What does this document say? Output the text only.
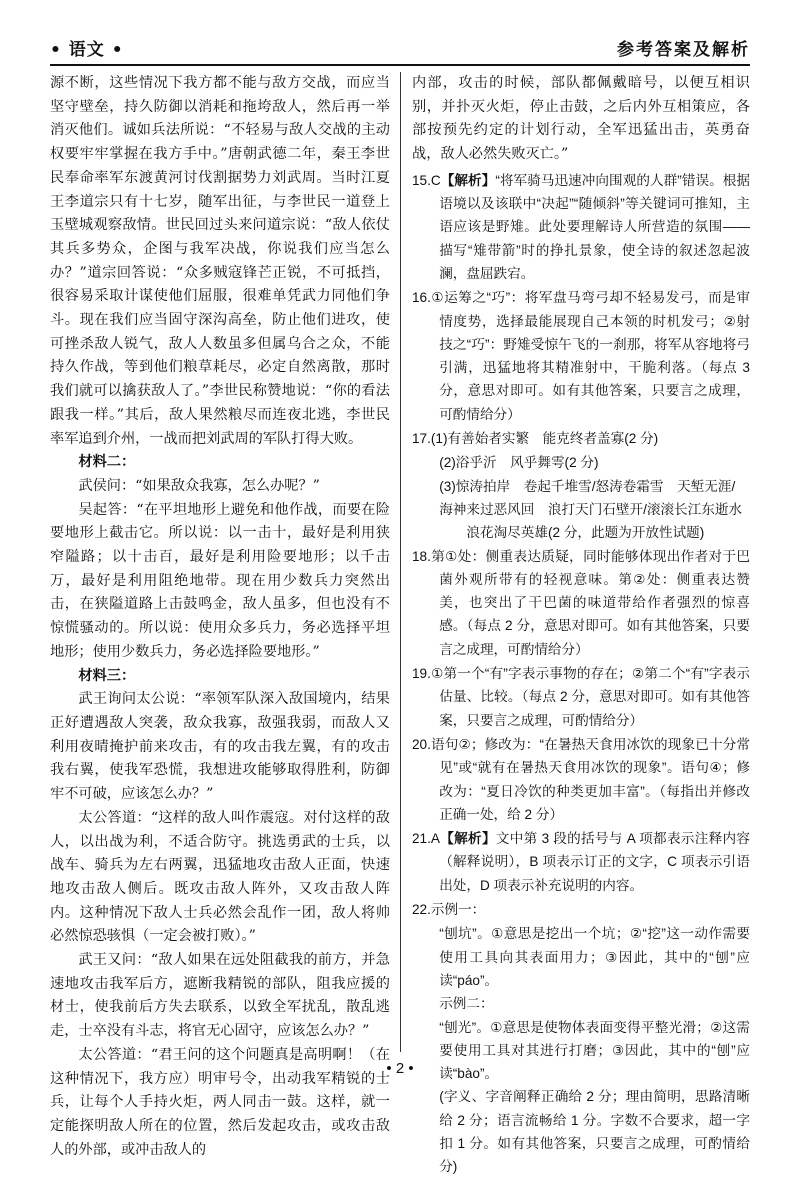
• 语文 •	参考答案及解析

源不断，这些情况下我方都不能与敌方交战，而应当坚守壁垒，持久防御以消耗和拖垮敌人，然后再一举消灭他们。诚如兵法所说：“不轻易与敌人交战的主动权要牢牢掌握在我方手中。”唐朝武德二年，秦王李世民奉命率军东渡黄河讨伐割据势力刘武周。当时江夏王李道宗只有十七岁，随军出征，与李世民一道登上玉壁城观察敌情。世民回过头来问道宗说：“敌人依仗其兵多势众，企图与我军决战，你说我们应当怎么办？”道宗回答说：“众多贼寇锋芒正锐，不可抵挡，很容易采取计谋使他们屈服，很难单凭武力同他们争斗。现在我们应当固守深沟高垒，防止他们进攻，使可挫杀敌人锐气，敌人人数虽多但属乌合之众，不能持久作战，等到他们粮草耗尽，必定自然离散，那时我们就可以擒获敌人了。”李世民称赞地说：“你的看法跟我一样。”其后，敌人果然粮尽而连夜北逃，李世民率军追到介州，一战而把刘武周的军队打得大败。

材料二：

武侯问：“如果敌众我寡，怎么办呢？”

吴起答：“在平坦地形上避免和他作战，而要在险要地形上截击它。所以说：以一击十，最好是利用狭窄隘路；以十击百，最好是利用险要地形；以千击万，最好是利用阻绝地带。现在用少数兵力突然出击，在狭隘道路上击鼓鸣金，敌人虽多，但也没有不惊慌骚动的。所以说：使用众多兵力，务必选择平坦地形；使用少数兵力，务必选择险要地形。”

材料三：

武王询问太公说：“率领军队深入敌国境内，结果正好遭遇敌人突袭，敌众我寡，敌强我弱，而敌人又利用夜晴掩护前来攻击，有的攻击我左翼，有的攻击我右翼，使我军恐慌，我想进攻能够取得胜利，防御牢不可破，应该怎么办？”

太公答道：“这样的敌人叫作震寇。对付这样的敌人，以出战为利，不适合防守。挑选勇武的士兵，以战车、骑兵为左右两翼，迅猛地攻击敌人正面，快速地攻击敌人侧后。既攻击敌人阵外，又攻击敌人阵内。这种情况下敌人士兵必然会乱作一团，敌人将帅必然惊恐骇惧（一定会被打败）。”

武王又问：“敌人如果在远处阻截我的前方，并急速地攻击我军后方，遮断我精锐的部队，阻我应援的材士，使我前后方失去联系，以致全军扰乱，散乱逃走，士卒没有斗志，将官无心固守，应该怎么办？”

太公答道：“君王问的这个问题真是高明啊！（在这种情况下，我方应）明审号令，出动我军精锐的士兵，让每个人手持火炬，两人同击一鼓。这样，就一定能探明敌人所在的位置，然后发起攻击，或攻击敌人的外部，或冲击敌人的

内部，攻击的时候，部队都佩戴暗号，以便互相识别，并扑灭火炬，停止击鼓，之后内外互相策应，各部按预先约定的计划行动，全军迅猛出击，英勇奋战，敌人必然失败灭亡。”

15.C【解析】“将军骑马迅速冲向围观的人群”错误。根据语境以及该联中“决起”“随倾斜”等关键词可推知，主语应该是野雉。此处要理解诗人所营造的氛围——描写“雉带箭”时的挣扎景象，使全诗的叙述忽起波澜，盘屈跌宕。

16.①运筹之“巧”：将军盘马弯弓却不轻易发弓，而是审情度势，选择最能展现自己本领的时机发弓；②射技之“巧”：野雉受惊午飞的一刹那，将军从容地将弓引满，迅猛地将其精准射中，干脆利落。（每点 3 分，意思对即可。如有其他答案，只要言之成理，可酌情给分）

17.(1)有善始者实繁　能克终者盖寡(2 分)

(2)浴乎沂　风乎舞雩(2 分)

(3)惊涛拍岸　卷起千堆雪/怒涛卷霜雪　天堑无涯/

海神来过恶风回　浪打天门石壁开/滚滚长江东逝水

浪花淘尽英雄(2 分，此题为开放性试题)

18.第①处：侧重表达质疑，同时能够体现出作者对于巴菌外观所带有的轻视意味。第②处：侧重表达赞美，也突出了干巴菌的味道带给作者强烈的惊喜感。（每点 2 分，意思对即可。如有其他答案，只要言之成理，可酌情给分）

19.①第一个“有”字表示事物的存在；②第二个“有”字表示估量、比较。（每点 2 分，意思对即可。如有其他答案，只要言之成理，可酌情给分）

20.语句②；修改为：“在暑热天食用冰饮的现象已十分常见”或“就有在暑热天食用冰饮的现象”。语句④；修改为：“夏日冷饮的种类更加丰富”。（每指出并修改正确一处，给 2 分）

21.A【解析】文中第 3 段的括号与 A 项都表示注释内容（解释说明），B 项表示订正的文字，C 项表示引语出处，D 项表示补充说明的内容。

22.示例一：

“刨坑”。①意思是挖出一个坑；②“挖”这一动作需要使用工具向其表面用力；③因此，其中的“刨”应读“páo”。

示例二：

“刨光”。①意思是使物体表面变得平整光滑；②这需要使用工具对其进行打磨；③因此，其中的“刨”应读“bào”。

(字义、字音阐释正确给 2 分；理由简明，思路清晰给 2 分；语言流畅给 1 分。字数不合要求，超一字扣 1 分。如有其他答案，只要言之成理，可酌情给分)

• 2 •
